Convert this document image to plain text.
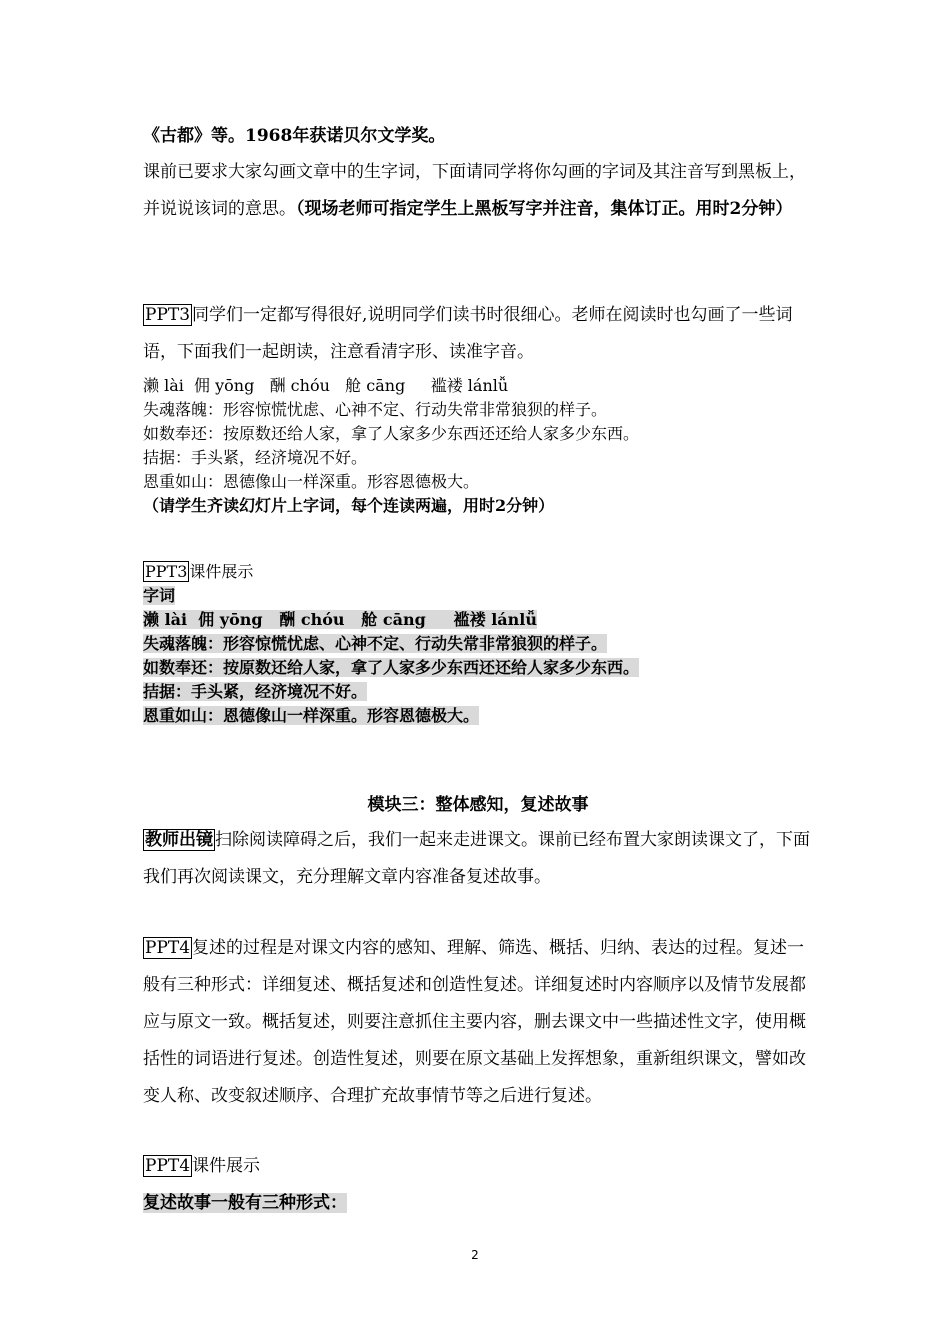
《古都》等。1968年获诺贝尔文学奖。

课前已要求大家勾画文章中的生字词，下面请同学将你勾画的字词及其注音写到黑板上，并说说该词的意思。（现场老师可指定学生上黑板写字并注音，集体订正。用时2分钟）

PPT3 同学们一定都写得很好,说明同学们读书时很细心。老师在阅读时也勾画了一些词语，下面我们一起朗读，注意看清字形、读准字音。

濑 lài  佣 yōng   酬 chóu   舱 cāng     褴褛 lánlǚ

失魂落魄：形容惊慌忧虑、心神不定、行动失常非常狼狈的样子。

如数奉还：按原数还给人家，拿了人家多少东西还还给人家多少东西。

拮据：手头紧，经济境况不好。

恩重如山：恩德像山一样深重。形容恩德极大。

（请学生齐读幻灯片上字词，每个连读两遍，用时2分钟）

PPT3 课件展示

字词

濑 lài  佣 yōng   酬 chóu   舱 cāng     褴褛 lánlǚ

失魂落魄：形容惊慌忧虑、心神不定、行动失常非常狼狈的样子。

如数奉还：按原数还给人家，拿了人家多少东西还还给人家多少东西。

拮据：手头紧，经济境况不好。

恩重如山：恩德像山一样深重。形容恩德极大。

模块三：整体感知，复述故事

教师出镜 扫除阅读障碍之后，我们一起来走进课文。课前已经布置大家朗读课文了，下面我们再次阅读课文，充分理解文章内容准备复述故事。

PPT4 复述的过程是对课文内容的感知、理解、筛选、概括、归纳、表达的过程。复述一般有三种形式：详细复述、概括复述和创造性复述。详细复述时内容顺序以及情节发展都应与原文一致。概括复述，则要注意抓住主要内容，删去课文中一些描述性文字，使用概括性的词语进行复述。创造性复述，则要在原文基础上发挥想象，重新组织课文，譬如改变人称、改变叙述顺序、合理扩充故事情节等之后进行复述。

PPT4 课件展示

复述故事一般有三种形式：

2
